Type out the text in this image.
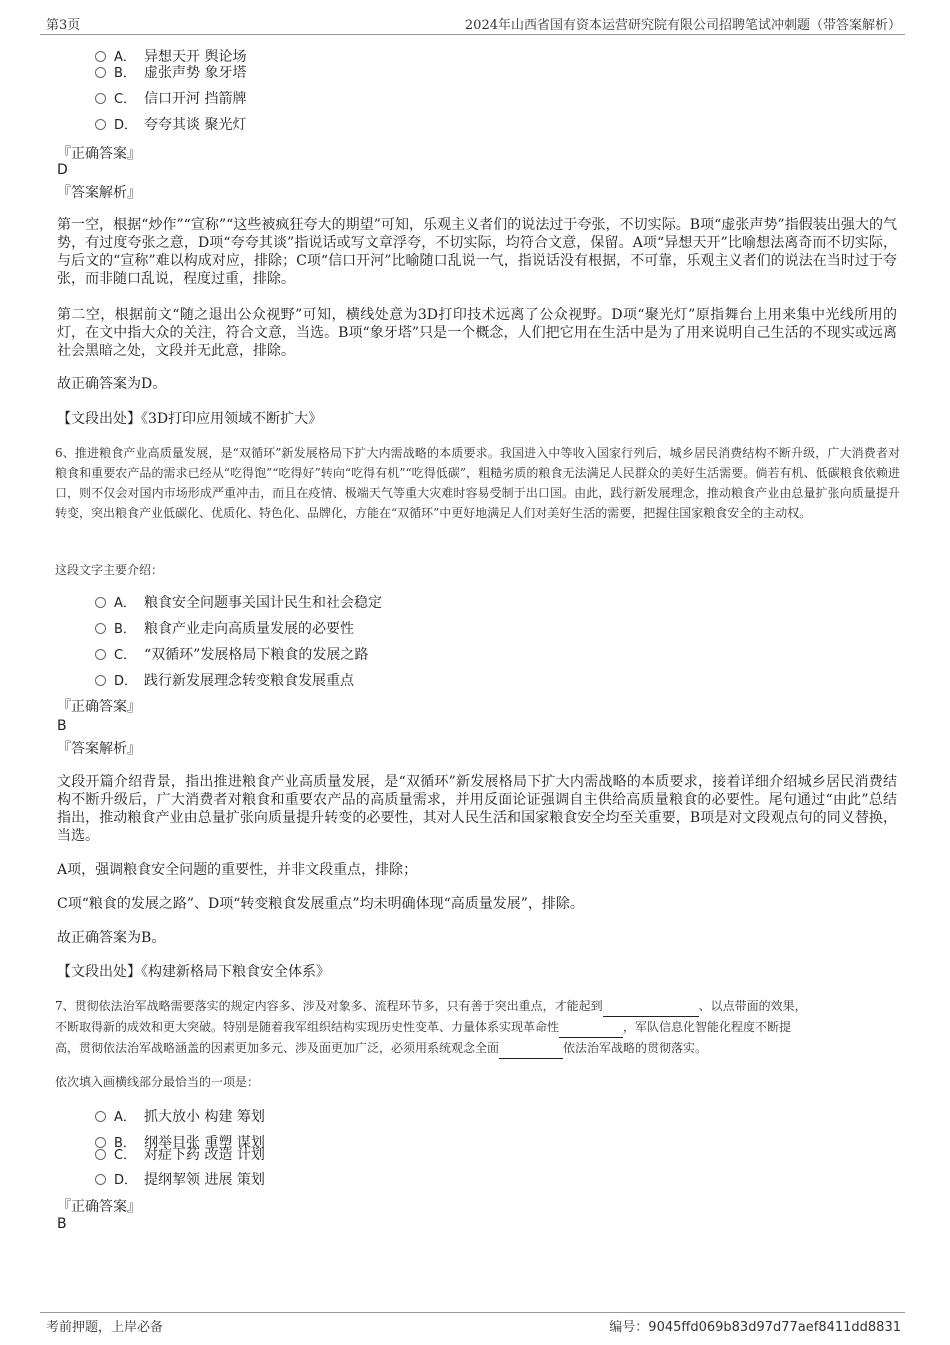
第3页	2024年山西省国有资本运营研究院有限公司招聘笔试冲刺题（带答案解析）
A． 异想天开 舆论场
B． 虚张声势 象牙塔
C． 信口开河 挡箭牌
D． 夸夸其谈 聚光灯
『正确答案』
D
『答案解析』
第一空，根据“炒作”“宣称”“这些被疯狂夸大的期望”可知，乐观主义者们的说法过于夸张，不切实际。B项“虚张声势”指假装出强大的气势，有过度夸张之意，D项“夸夸其谈”指说话或写文章浮夸，不切实际，均符合文意，保留。A项“异想天开”比喻想法离奇而不切实际，与后文的“宣称”难以构成对应，排除；C项“信口开河”比喻随口乱说一气，指说话没有根据，不可靠，乐观主义者们的说法在当时过于夸张，而非随口乱说，程度过重，排除。
第二空，根据前文“随之退出公众视野”可知，横线处意为3D打印技术远离了公众视野。D项“聚光灯”原指舞台上用来集中光线所用的灯，在文中指大众的关注，符合文意，当选。B项“象牙塔”只是一个概念，人们把它用在生活中是为了用来说明自己生活的不现实或远离社会黑暗之处，文段并无此意，排除。
故正确答案为D。
【文段出处】《3D打印应用领域不断扩大》
6、推进粮食产业高质量发展，是“双循环”新发展格局下扩大内需战略的本质要求。我国进入中等收入国家行列后，城乡居民消费结构不断升级，广大消费者对粮食和重要农产品的需求已经从“吃得饱”“吃得好”转向“吃得有机”“吃得低碳”，粗糙劣质的粮食无法满足人民群众的美好生活需要。倘若有机、低碳粮食依赖进口，则不仅会对国内市场形成严重冲击，而且在疫情、极端天气等重大灾难时容易受制于出口国。由此，践行新发展理念，推动粮食产业由总量扩张向质量提升转变，突出粮食产业低碳化、优质化、特色化、品牌化，方能在“双循环”中更好地满足人们对美好生活的需要，把握住国家粮食安全的主动权。
这段文字主要介绍：
A． 粮食安全问题事关国计民生和社会稳定
B． 粮食产业走向高质量发展的必要性
C． “双循环”发展格局下粮食的发展之路
D． 践行新发展理念转变粮食发展重点
『正确答案』
B
『答案解析』
文段开篇介绍背景，指出推进粮食产业高质量发展，是“双循环”新发展格局下扩大内需战略的本质要求，接着详细介绍城乡居民消费结构不断升级后，广大消费者对粮食和重要农产品的高质量需求，并用反面论证强调自主供给高质量粮食的必要性。尾句通过“由此”总结指出，推动粮食产业由总量扩张向质量提升转变的必要性，其对人民生活和国家粮食安全均至关重要，B项是对文段观点句的同义替换，当选。
A项，强调粮食安全问题的重要性，并非文段重点，排除；
C项“粮食的发展之路”、D项“转变粮食发展重点”均未明确体现“高质量发展”，排除。
故正确答案为B。
【文段出处】《构建新格局下粮食安全体系》
7、贯彻依法治军战略需要落实的规定内容多、涉及对象多、流程环节多，只有善于突出重点，才能起到	、以点带面的效果，
不断取得新的成效和更大突破。特别是随着我军组织结构实现历史性变革、力量体系实现革命性	，军队信息化智能化程度不断提
高，贯彻依法治军战略涵盖的因素更加多元、涉及面更加广泛，必须用系统观念全面	依法治军战略的贯彻落实。
依次填入画横线部分最恰当的一项是：
A． 抓大放小 构建 筹划
B． 纲举目张 重塑 谋划
C． 对症下药 改造 计划
D． 提纲挈领 进展 策划
『正确答案』
B
考前押题，上岸必备	编号：9045ffd069b83d97d77aef8411dd8831
